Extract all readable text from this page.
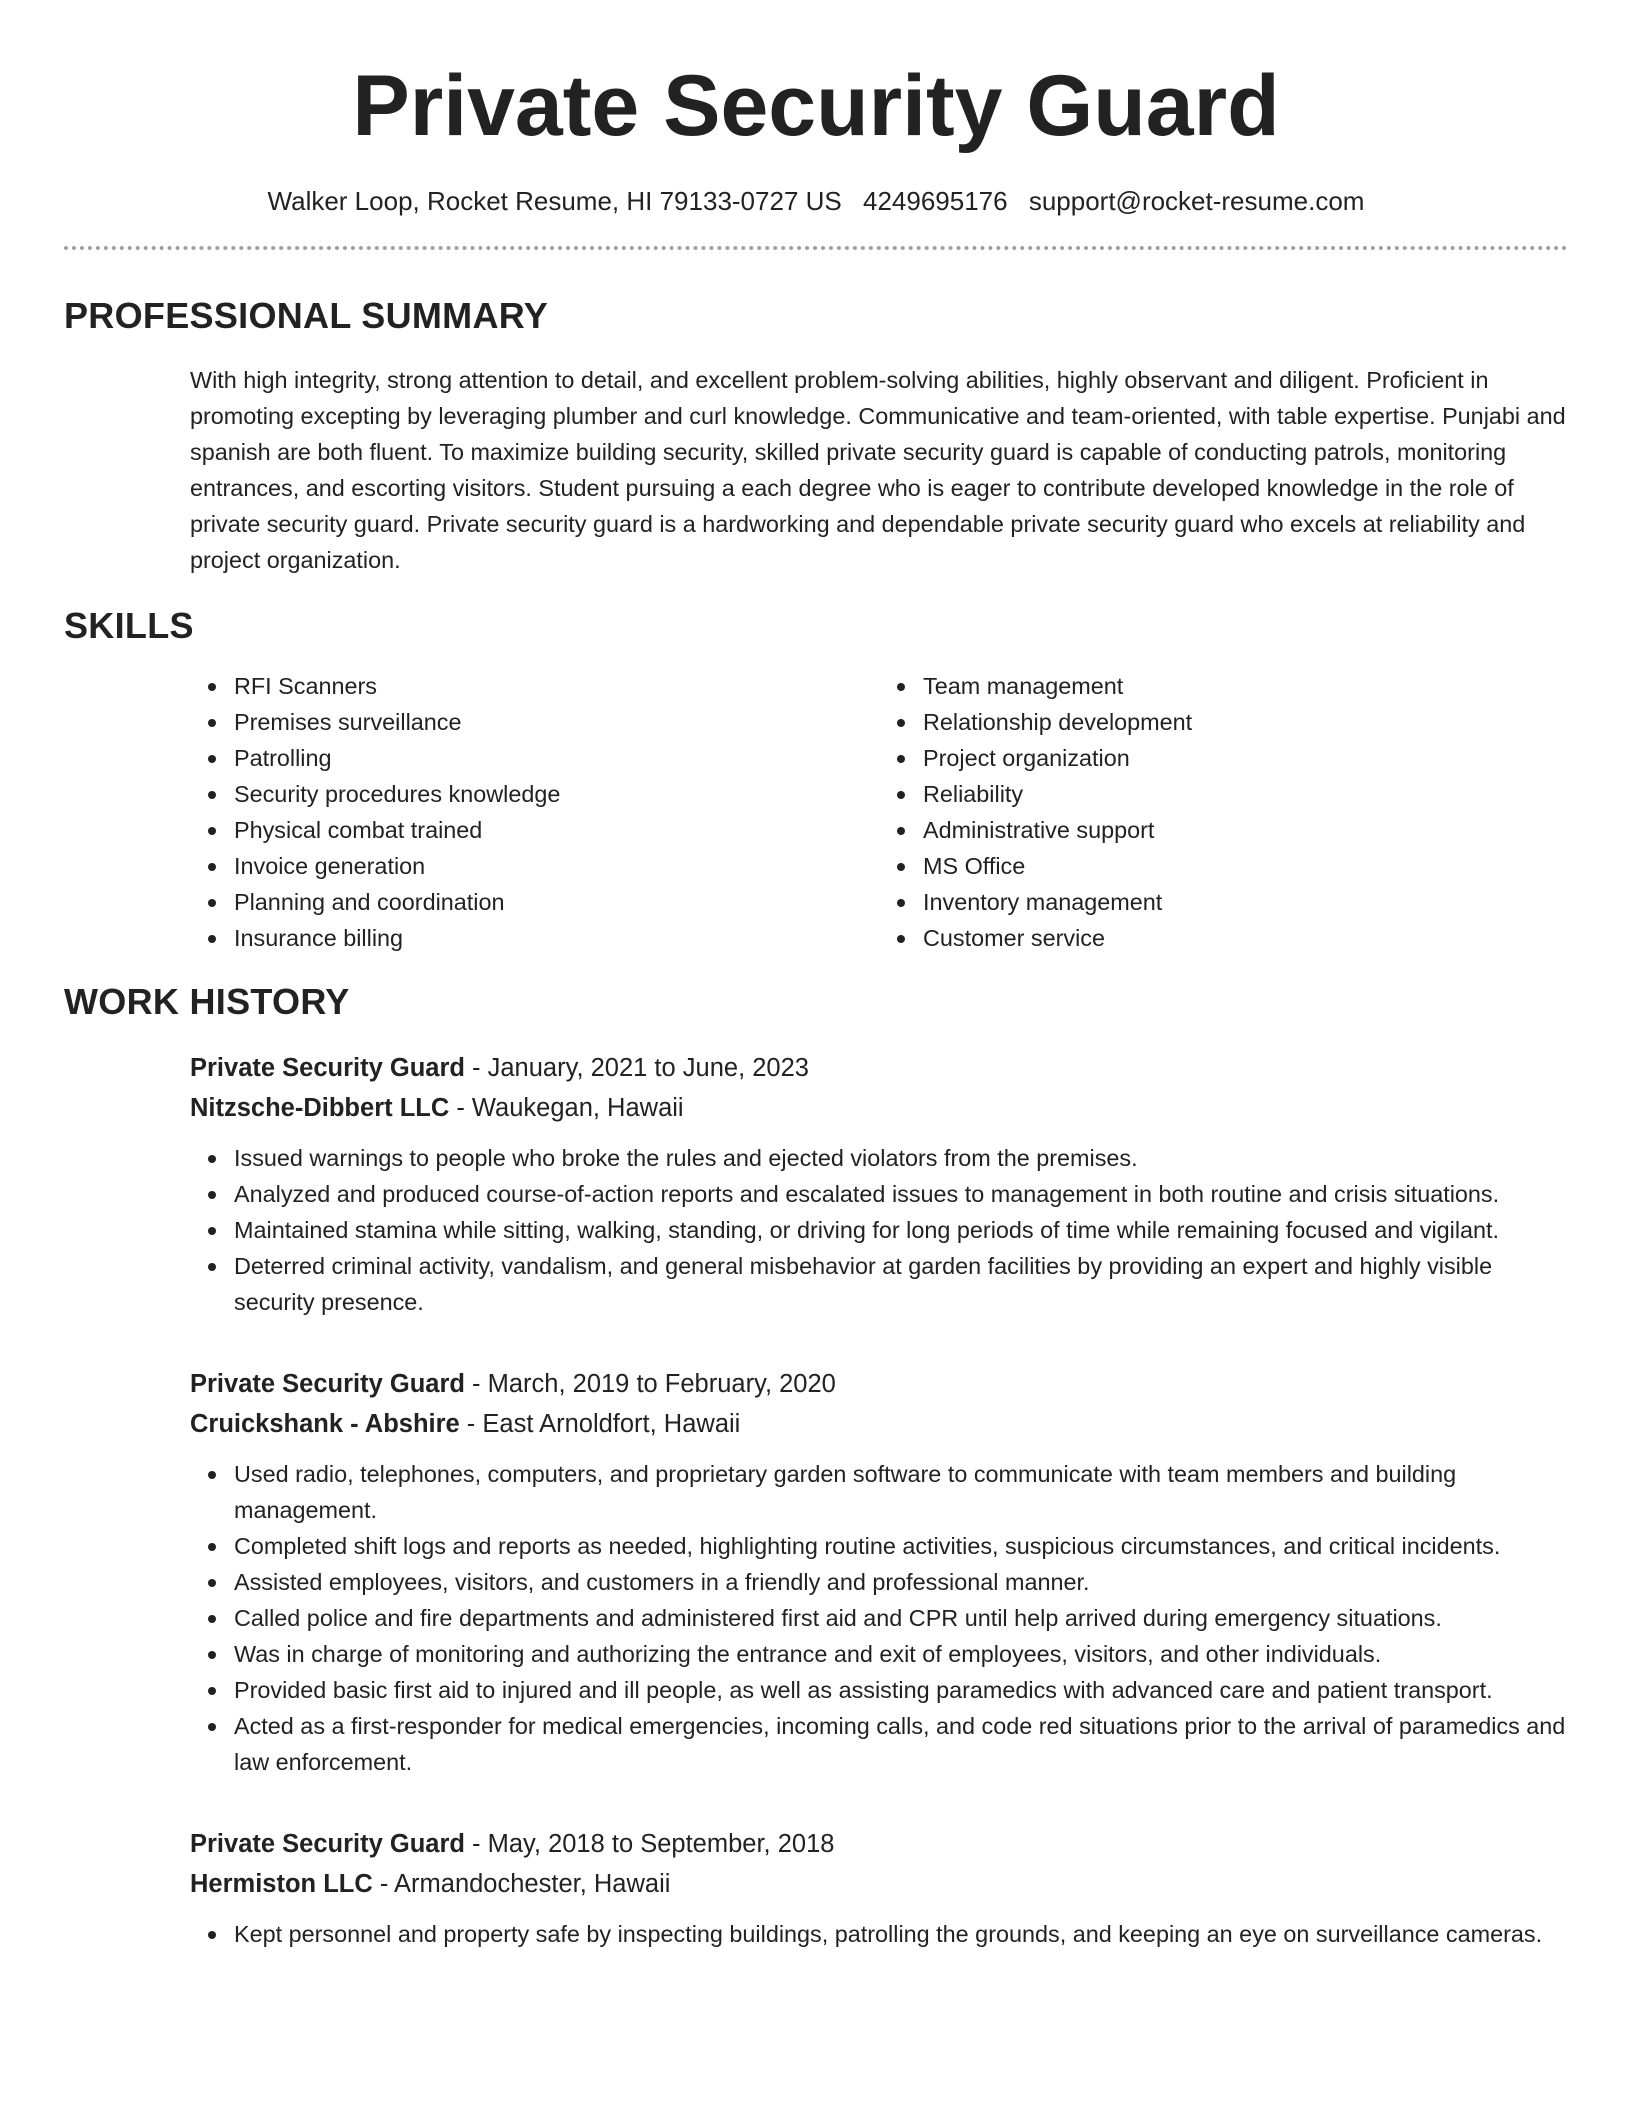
Private Security Guard
Walker Loop, Rocket Resume, HI 79133-0727 US 4249695176 support@rocket-resume.com
PROFESSIONAL SUMMARY

With high integrity, strong attention to detail, and excellent problem-solving abilities, highly observant and diligent. Proficient in promoting excepting by leveraging plumber and curl knowledge. Communicative and team-oriented, with table expertise. Punjabi and spanish are both fluent. To maximize building security, skilled private security guard is capable of conducting patrols, monitoring entrances, and escorting visitors. Student pursuing a each degree who is eager to contribute developed knowledge in the role of private security guard. Private security guard is a hardworking and dependable private security guard who excels at reliability and project organization.

SKILLS
RFI Scanners
Premises surveillance
Patrolling
Security procedures knowledge
Physical combat trained
Invoice generation
Planning and coordination
Insurance billing
Team management
Relationship development
Project organization
Reliability
Administrative support
MS Office
Inventory management
Customer service
WORK HISTORY
Private Security Guard - January, 2021 to June, 2023
Nitzsche-Dibbert LLC - Waukegan, Hawaii
Issued warnings to people who broke the rules and ejected violators from the premises.
Analyzed and produced course-of-action reports and escalated issues to management in both routine and crisis situations.
Maintained stamina while sitting, walking, standing, or driving for long periods of time while remaining focused and vigilant.
Deterred criminal activity, vandalism, and general misbehavior at garden facilities by providing an expert and highly visible security presence.
Private Security Guard - March, 2019 to February, 2020
Cruickshank - Abshire - East Arnoldfort, Hawaii
Used radio, telephones, computers, and proprietary garden software to communicate with team members and building management.
Completed shift logs and reports as needed, highlighting routine activities, suspicious circumstances, and critical incidents.
Assisted employees, visitors, and customers in a friendly and professional manner.
Called police and fire departments and administered first aid and CPR until help arrived during emergency situations.
Was in charge of monitoring and authorizing the entrance and exit of employees, visitors, and other individuals.
Provided basic first aid to injured and ill people, as well as assisting paramedics with advanced care and patient transport.
Acted as a first-responder for medical emergencies, incoming calls, and code red situations prior to the arrival of paramedics and law enforcement.
Private Security Guard - May, 2018 to September, 2018
Hermiston LLC - Armandochester, Hawaii
Kept personnel and property safe by inspecting buildings, patrolling the grounds, and keeping an eye on surveillance cameras.
